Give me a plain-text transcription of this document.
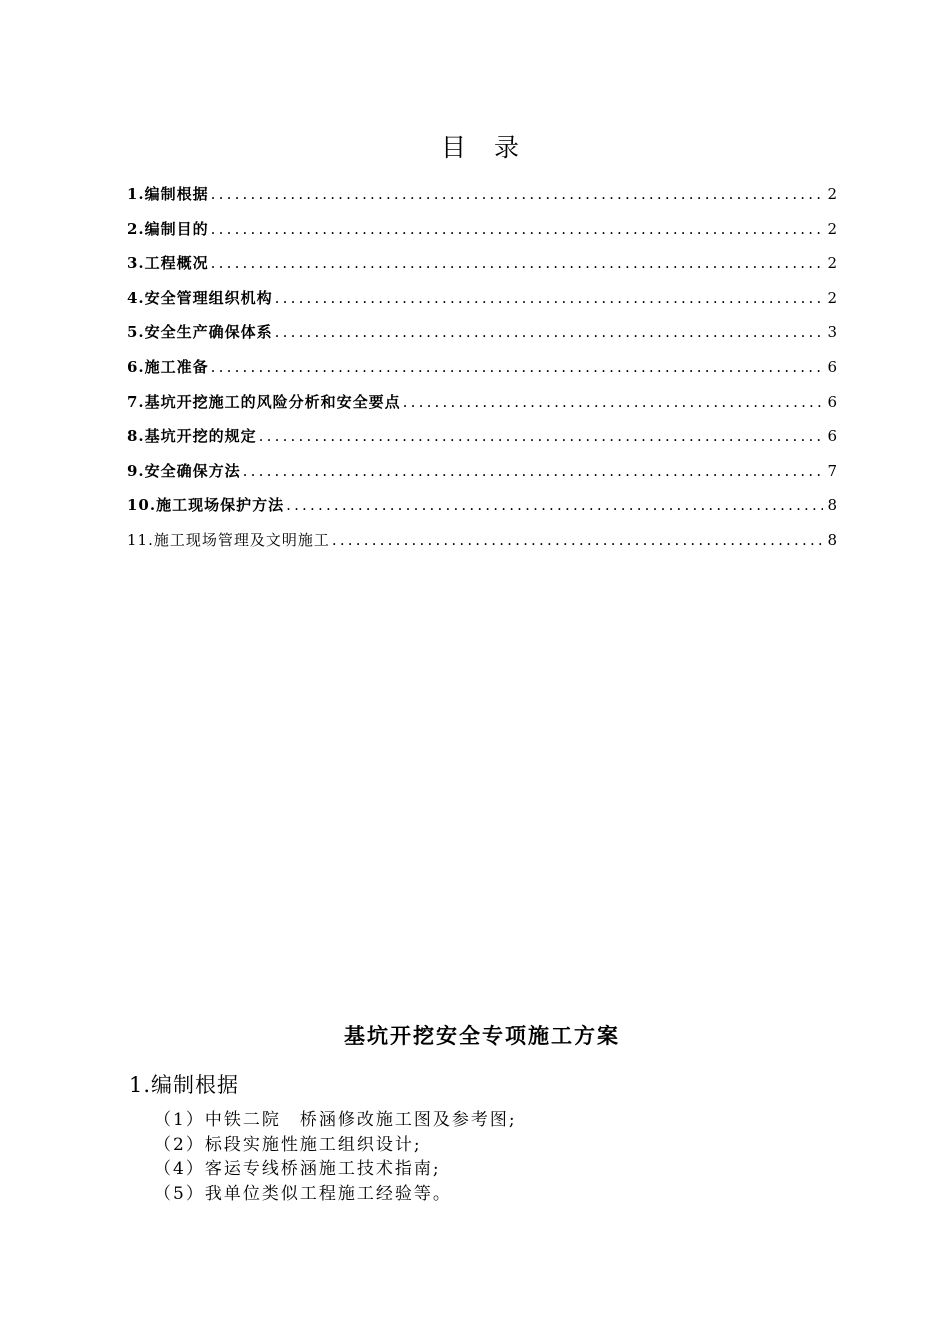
目 录
1.编制根据 .....	2
2.编制目的 .....	2
3.工程概况 .....	2
4.安全管理组织机构 .....	2
5.安全生产确保体系 .....	3
6.施工准备 .....	6
7.基坑开挖施工的风险分析和安全要点 .....	6
8.基坑开挖的规定 .....	6
9.安全确保方法 .....	7
10.施工现场保护方法 .....	8
11.施工现场管理及文明施工 .....	8
基坑开挖安全专项施工方案
1.编制根据
（1）中铁二院　桥涵修改施工图及参考图;
（2）标段实施性施工组织设计;
（4）客运专线桥涵施工技术指南;
（5）我单位类似工程施工经验等。
